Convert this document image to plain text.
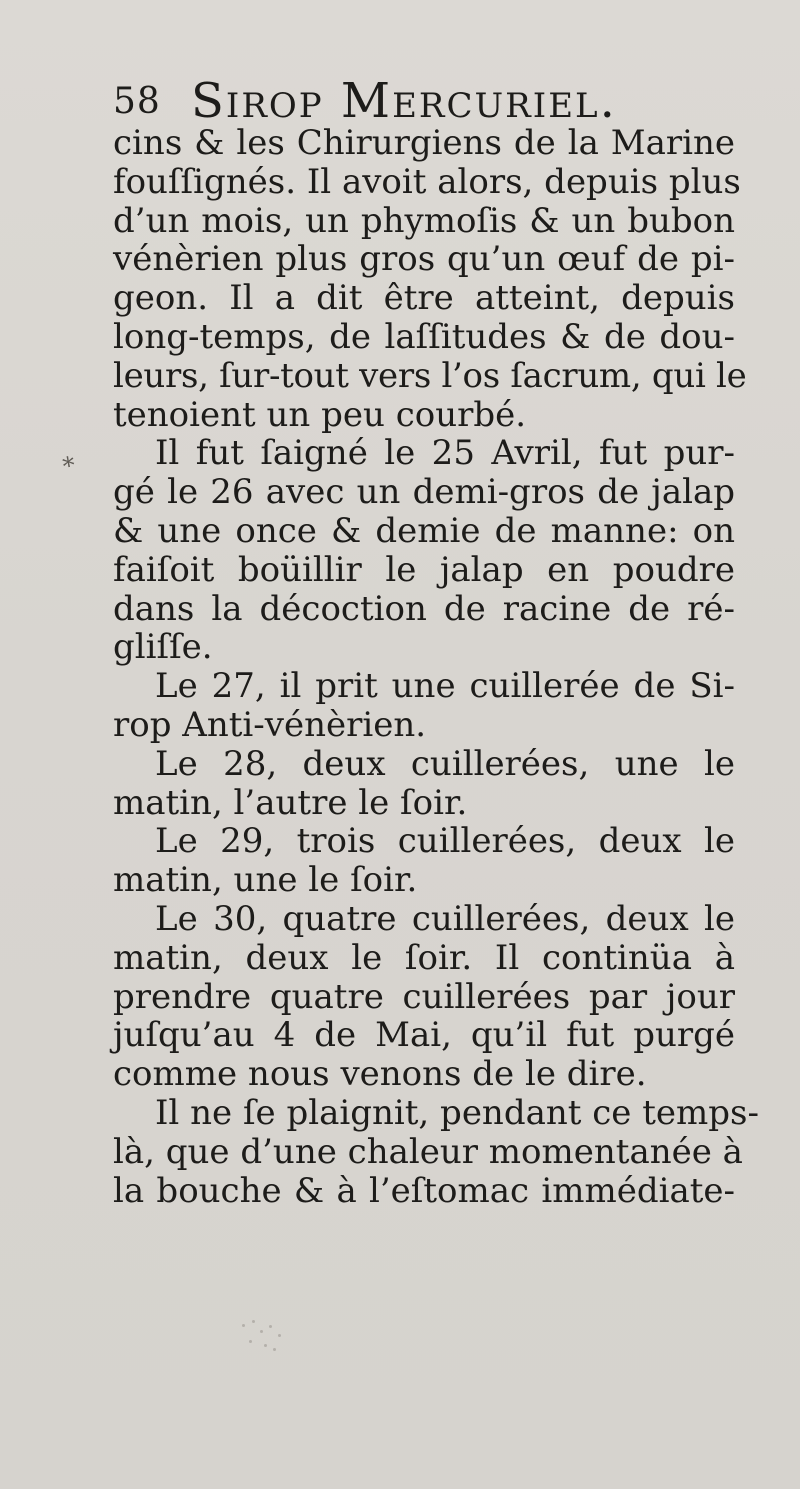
58 Sirop Mercuriel.
*
cins & les Chirurgiens de la Marine
fouſſignés. Il avoit alors, depuis plus
d’un mois, un phymoſis & un bubon
vénèrien plus gros qu’un œuf de pi-
geon. Il a dit être atteint, depuis
long-temps, de laſſitudes & de dou-
leurs, ſur-tout vers l’os ſacrum, qui le
tenoient un peu courbé.
Il fut ſaigné le 25 Avril, fut pur-
gé le 26 avec un demi-gros de jalap
& une once & demie de manne: on
faiſoit boüillir le jalap en poudre
dans la décoction de racine de ré-
gliſſe.
Le 27, il prit une cuillerée de Si-
rop Anti-vénèrien.
Le 28, deux cuillerées, une le
matin, l’autre le ſoir.
Le 29, trois cuillerées, deux le
matin, une le ſoir.
Le 30, quatre cuillerées, deux le
matin, deux le ſoir. Il continüa à
prendre quatre cuillerées par jour
juſqu’au 4 de Mai, qu’il fut purgé
comme nous venons de le dire.
Il ne ſe plaignit, pendant ce temps-
là, que d’une chaleur momentanée à
la bouche & à l’eſtomac immédiate-
